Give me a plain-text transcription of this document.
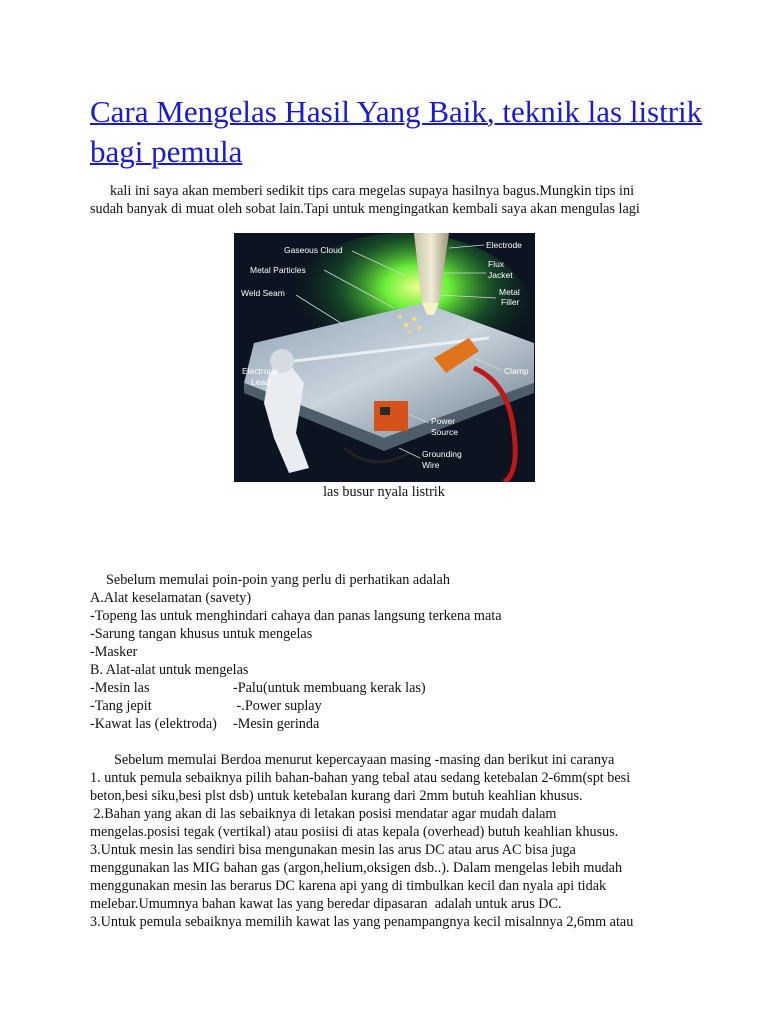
Cara Mengelas Hasil Yang Baik, teknik las listrik bagi pemula
kali ini saya akan memberi sedikit tips cara megelas supaya hasilnya bagus.Mungkin tips ini
sudah banyak di muat oleh sobat lain.Tapi untuk mengingatkan kembali saya akan mengulas lagi
Gaseous Cloud
Metal Particles
Weld Seam
Electrode
Lead
Electrode
Flux
Jacket
Metal
Filler
Clamp
Power
Source
Grounding
Wire
las busur nyala listrik
Sebelum memulai poin-poin yang perlu di perhatikan adalah
A.Alat keselamatan (savety)
-Topeng las untuk menghindari cahaya dan panas langsung terkena mata
-Sarung tangan khusus untuk mengelas
-Masker
B. Alat-alat untuk mengelas
-Mesin las	-Palu(untuk membuang kerak las)
-Tang jepit	-.Power suplay
-Kawat las (elektroda) -Mesin gerinda
Sebelum memulai Berdoa menurut kepercayaan masing -masing dan berikut ini caranya
1. untuk pemula sebaiknya pilih bahan-bahan yang tebal atau sedang ketebalan 2-6mm(spt besi
beton,besi siku,besi plst dsb) untuk ketebalan kurang dari 2mm butuh keahlian khusus.
2.Bahan yang akan di las sebaiknya di letakan posisi mendatar agar mudah dalam
mengelas.posisi tegak (vertikal) atau posiisi di atas kepala (overhead) butuh keahlian khusus.
3.Untuk mesin las sendiri bisa mengunakan mesin las arus DC atau arus AC bisa juga
menggunakan las MIG bahan gas (argon,helium,oksigen dsb..). Dalam mengelas lebih mudah
menggunakan mesin las berarus DC karena api yang di timbulkan kecil dan nyala api tidak
melebar.Umumnya bahan kawat las yang beredar dipasaran  adalah untuk arus DC.
3.Untuk pemula sebaiknya memilih kawat las yang penampangnya kecil misalnnya 2,6mm atau
